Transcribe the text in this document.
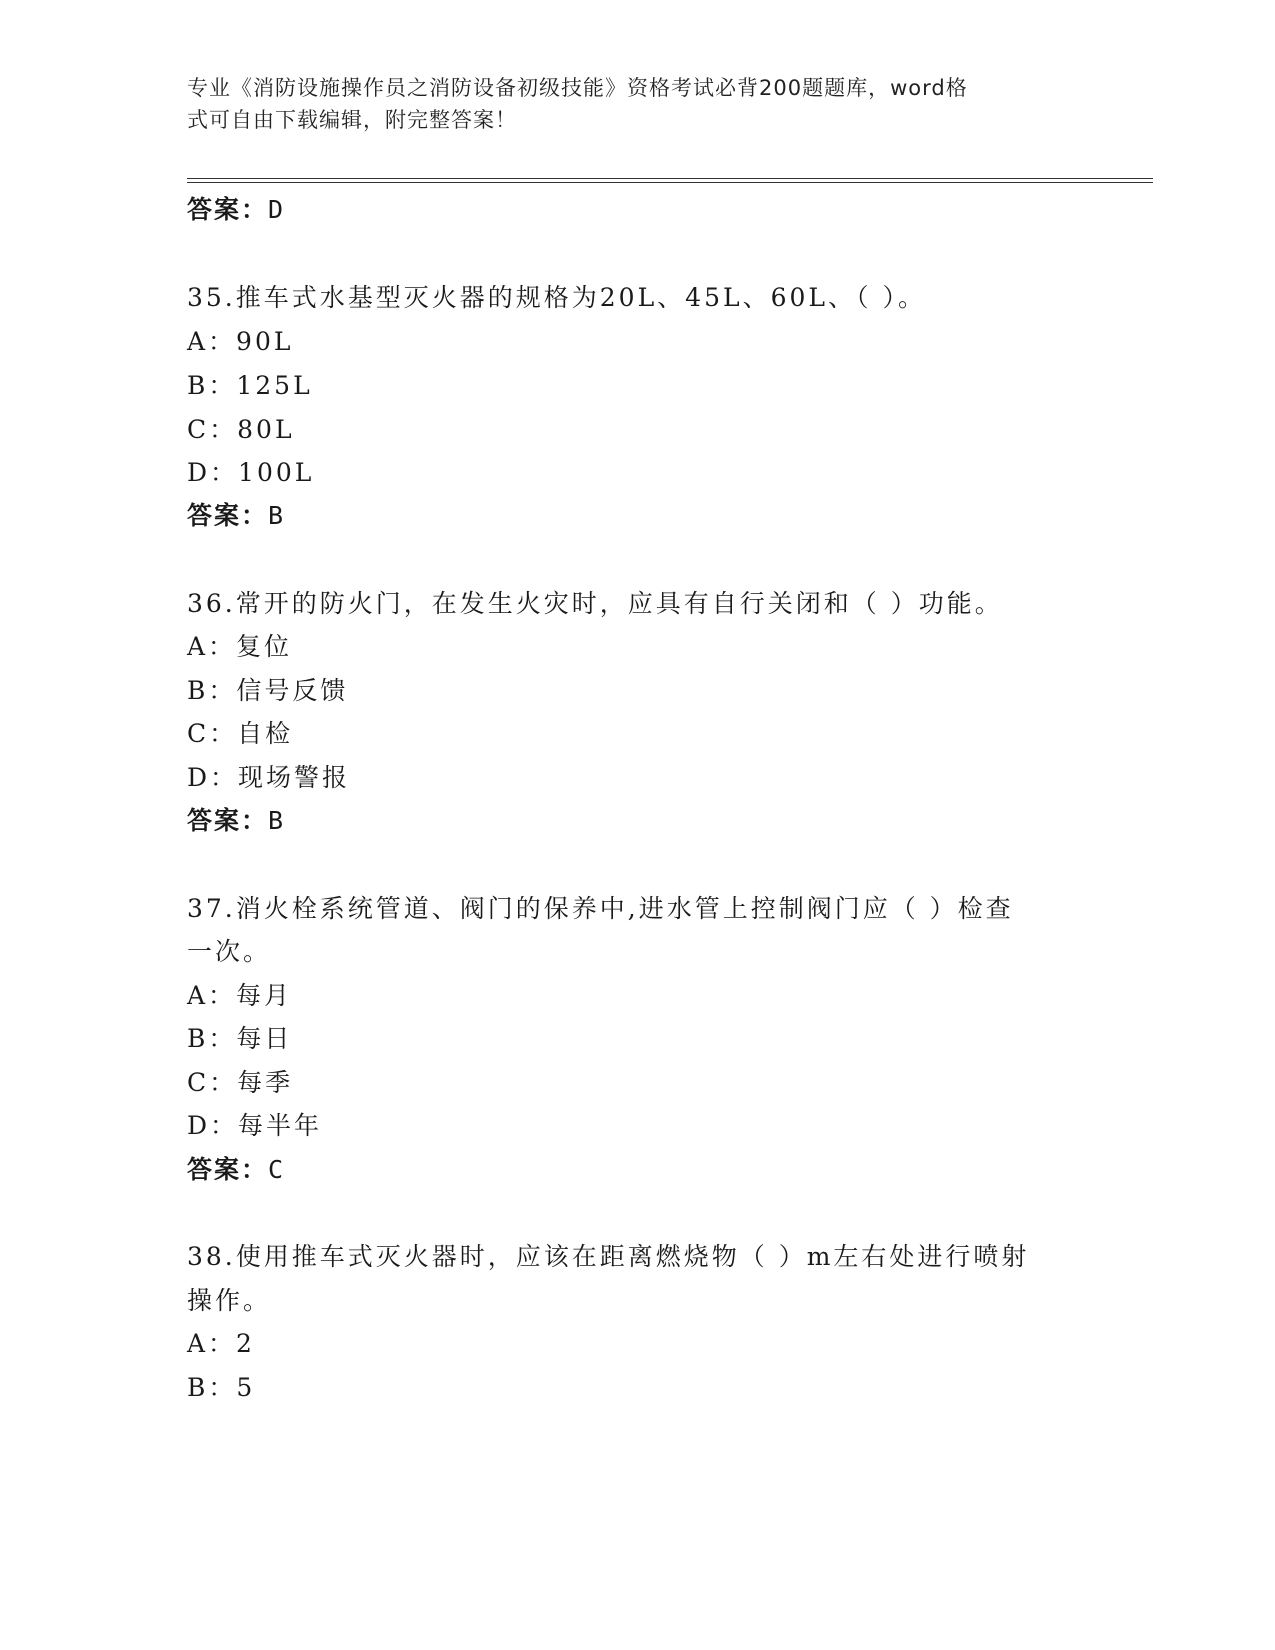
专业《消防设施操作员之消防设备初级技能》资格考试必背200题题库，word格
式可自由下载编辑，附完整答案！
答案：D
35.推车式水基型灭火器的规格为20L、45L、60L、（ ）。
A：90L
B：125L
C：80L
D：100L
答案：B
36.常开的防火门，在发生火灾时，应具有自行关闭和（ ）功能。
A：复位
B：信号反馈
C：自检
D：现场警报
答案：B
37.消火栓系统管道、阀门的保养中,进水管上控制阀门应（ ）检查
一次。
A：每月
B：每日
C：每季
D：每半年
答案：C
38.使用推车式灭火器时，应该在距离燃烧物（ ）m左右处进行喷射
操作。
A：2
B：5
